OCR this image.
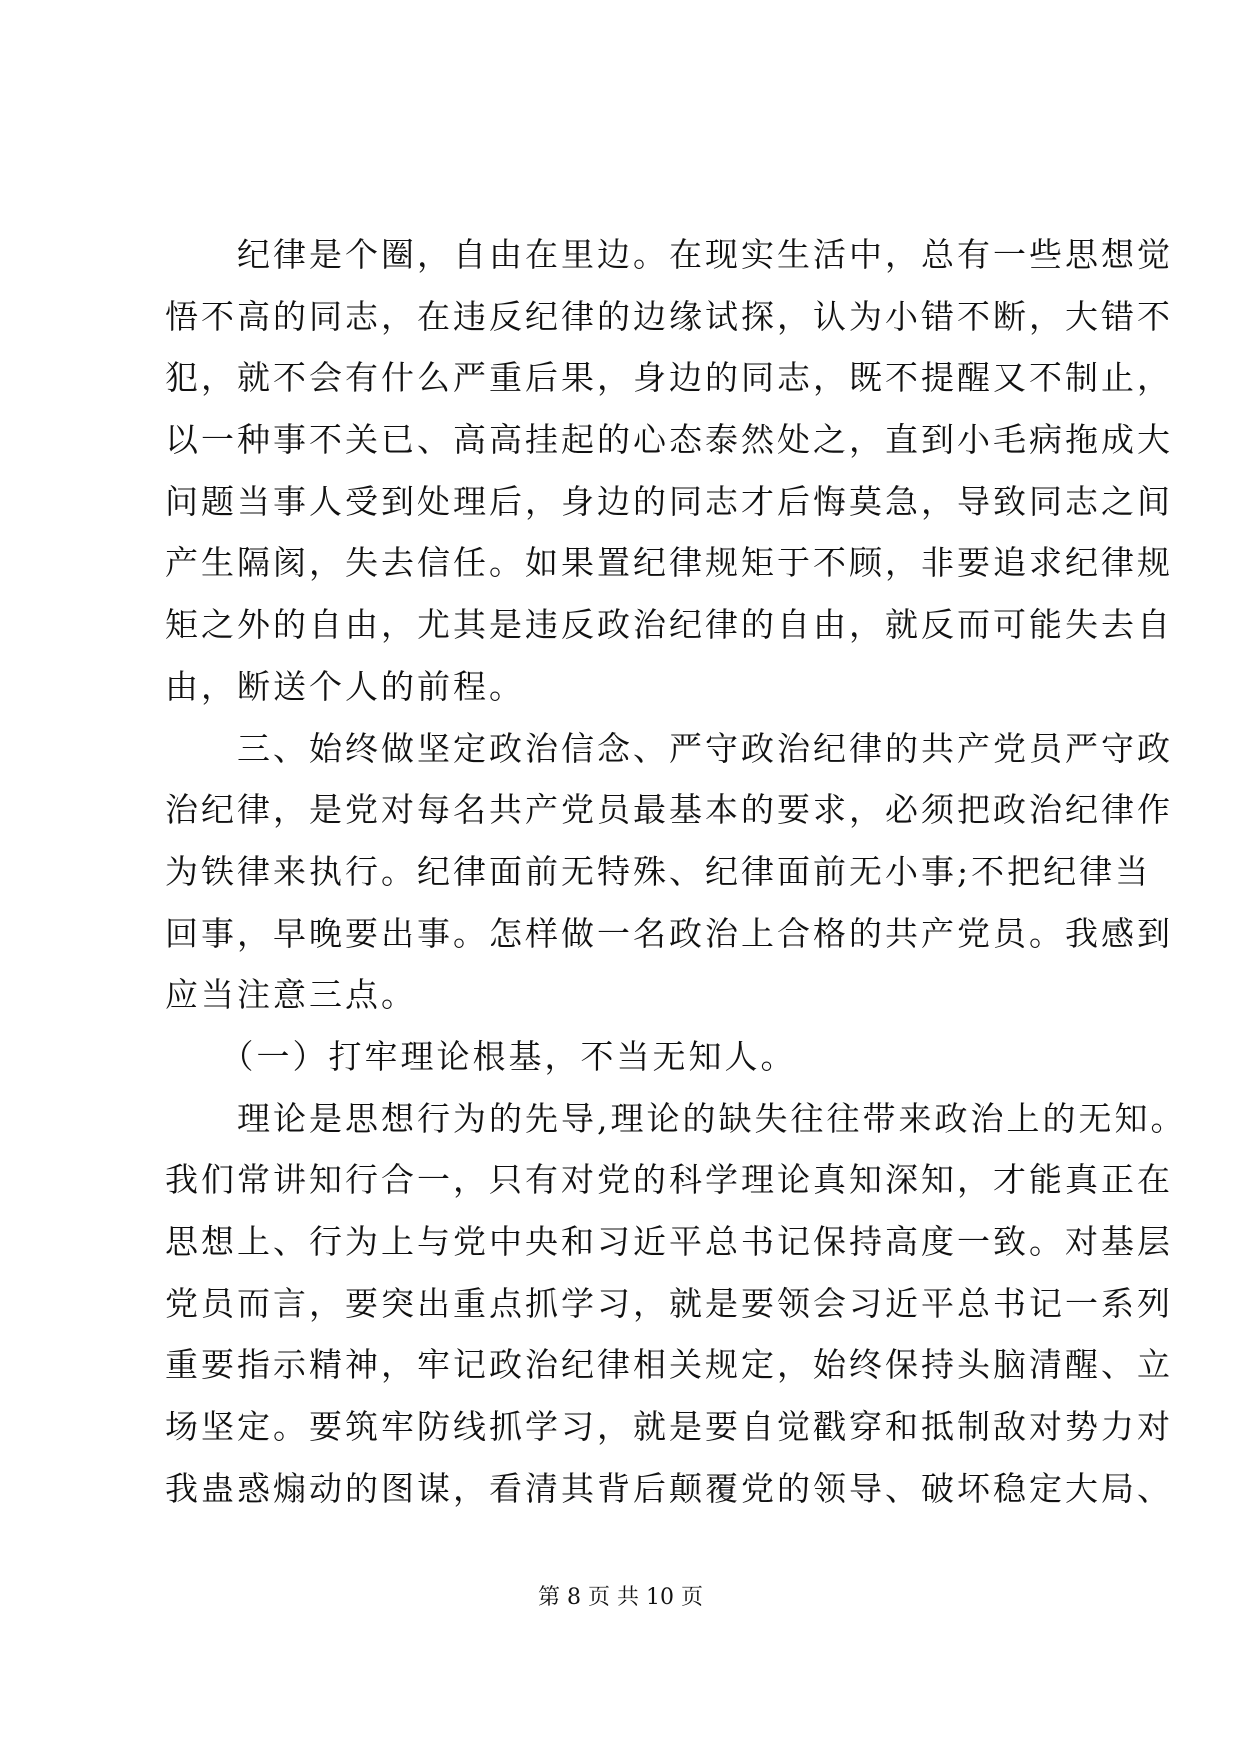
　　纪律是个圈，自由在里边。在现实生活中，总有一些思想觉
悟不高的同志，在违反纪律的边缘试探，认为小错不断，大错不
犯，就不会有什么严重后果，身边的同志，既不提醒又不制止，
以一种事不关已、高高挂起的心态泰然处之，直到小毛病拖成大
问题当事人受到处理后，身边的同志才后悔莫急，导致同志之间
产生隔阂，失去信任。如果置纪律规矩于不顾，非要追求纪律规
矩之外的自由，尤其是违反政治纪律的自由，就反而可能失去自
由，断送个人的前程。
　　三、始终做坚定政治信念、严守政治纪律的共产党员严守政
治纪律，是党对每名共产党员最基本的要求，必须把政治纪律作
为铁律来执行。纪律面前无特殊、纪律面前无小事;不把纪律当
回事，早晚要出事。怎样做一名政治上合格的共产党员。我感到
应当注意三点。
　　（一）打牢理论根基，不当无知人。
　　理论是思想行为的先导,理论的缺失往往带来政治上的无知。
我们常讲知行合一，只有对党的科学理论真知深知，才能真正在
思想上、行为上与党中央和习近平总书记保持高度一致。对基层
党员而言，要突出重点抓学习，就是要领会习近平总书记一系列
重要指示精神，牢记政治纪律相关规定，始终保持头脑清醒、立
场坚定。要筑牢防线抓学习，就是要自觉戳穿和抵制敌对势力对
我蛊惑煽动的图谋，看清其背后颠覆党的领导、破坏稳定大局、
第 8 页 共 10 页
